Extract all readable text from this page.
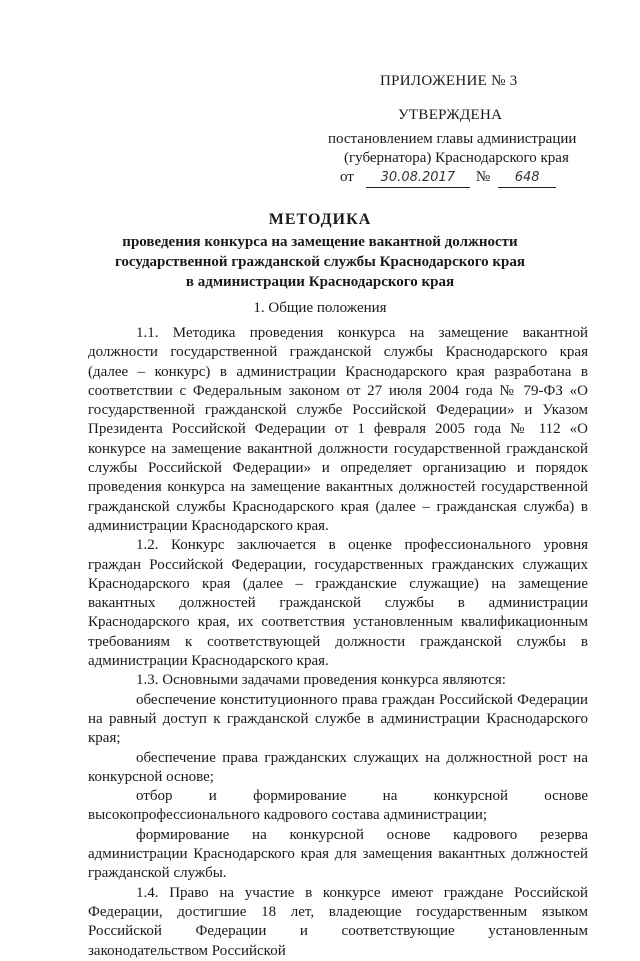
ПРИЛОЖЕНИЕ № 3
УТВЕРЖДЕНА
постановлением главы администрации
(губернатора) Краснодарского края
от 30.08.2017 № 648
МЕТОДИКА
проведения конкурса на замещение вакантной должности
государственной гражданской службы Краснодарского края
в администрации Краснодарского края
1. Общие положения

1.1. Методика проведения конкурса на замещение вакантной должности государственной гражданской службы Краснодарского края (далее – конкурс) в администрации Краснодарского края разработана в соответствии с Федеральным законом от 27 июля 2004 года № 79-ФЗ «О государственной гражданской службе Российской Федерации» и Указом Президента Российской Федерации от 1 февраля 2005 года № 112 «О конкурсе на замещение вакантной должности государственной гражданской службы Российской Федерации» и определяет организацию и порядок проведения конкурса на замещение вакантных должностей государственной гражданской службы Краснодарского края (далее – гражданская служба) в администрации Краснодарского края.

1.2. Конкурс заключается в оценке профессионального уровня граждан Российской Федерации, государственных гражданских служащих Краснодарского края (далее – гражданские служащие) на замещение вакантных должностей гражданской службы в администрации Краснодарского края, их соответствия установленным квалификационным требованиям к соответствующей должности гражданской службы в администрации Краснодарского края.

1.3. Основными задачами проведения конкурса являются:

обеспечение конституционного права граждан Российской Федерации на равный доступ к гражданской службе в администрации Краснодарского края;

обеспечение права гражданских служащих на должностной рост на конкурсной основе;

отбор и формирование на конкурсной основе высокопрофессионального кадрового состава администрации;

формирование на конкурсной основе кадрового резерва администрации Краснодарского края для замещения вакантных должностей гражданской службы.

1.4. Право на участие в конкурсе имеют граждане Российской Федерации, достигшие 18 лет, владеющие государственным языком Российской Федерации и соответствующие установленным законодательством Российской
